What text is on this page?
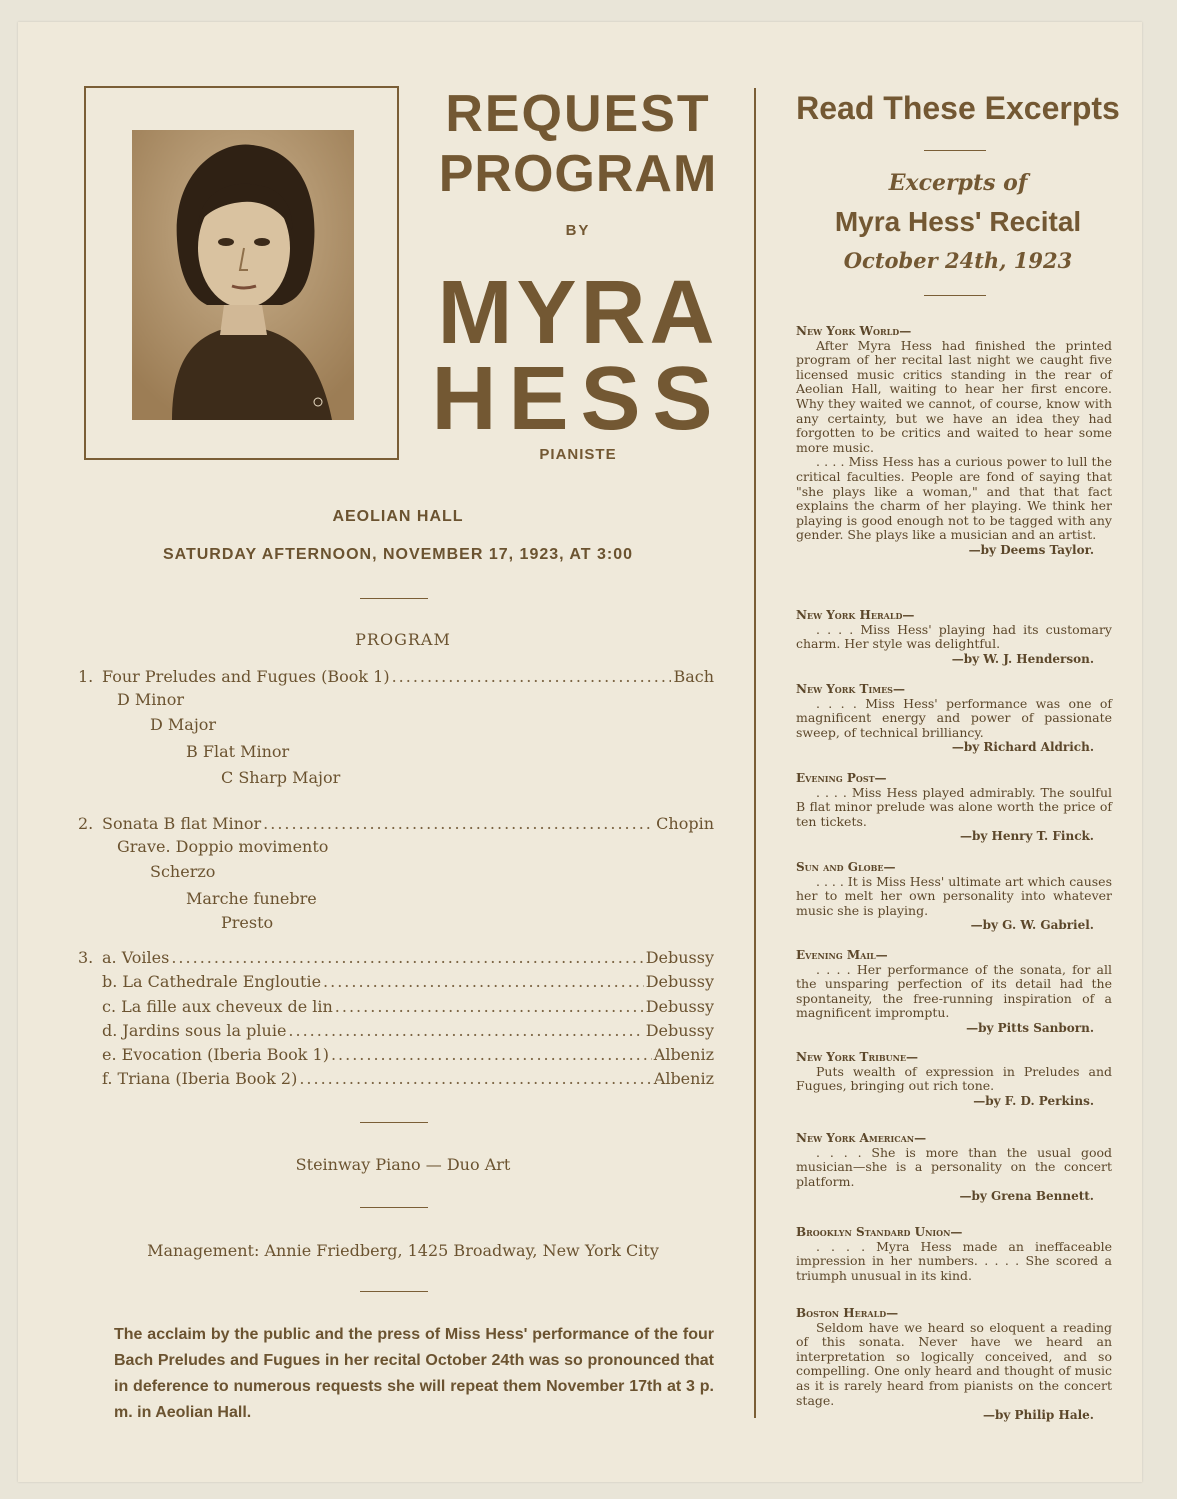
REQUEST
PROGRAM
BY
MYRA
HESS
PIANISTE
AEOLIAN HALL
SATURDAY AFTERNOON, NOVEMBER 17, 1923, AT 3:00
PROGRAM
1. Four Preludes and Fugues (Book 1) .....	Bach
D Minor
D Major
B Flat Minor
C Sharp Major
2. Sonata B flat Minor .....	Chopin
Grave. Doppio movimento
Scherzo
Marche funebre
Presto
3. a. Voiles .....	Debussy
b. La Cathedrale Engloutie .....	Debussy
c. La fille aux cheveux de lin .....	Debussy
d. Jardins sous la pluie .....	Debussy
e. Evocation (Iberia Book 1) .....	Albeniz
f. Triana (Iberia Book 2) .....	Albeniz
Steinway Piano — Duo Art
Management: Annie Friedberg, 1425 Broadway, New York City
The acclaim by the public and the press of Miss Hess' performance of the four Bach Preludes and Fugues in her recital October 24th was so pronounced that in deference to numerous requests she will repeat them November 17th at 3 p. m. in Aeolian Hall.
Read These Excerpts
Excerpts of
Myra Hess' Recital
October 24th, 1923
New York World—
After Myra Hess had finished the printed program of her recital last night we caught five licensed music critics standing in the rear of Aeolian Hall, waiting to hear her first encore. Why they waited we cannot, of course, know with any certainty, but we have an idea they had forgotten to be critics and waited to hear some more music.
. . . . Miss Hess has a curious power to lull the critical faculties. People are fond of saying that "she plays like a woman," and that that fact explains the charm of her playing. We think her playing is good enough not to be tagged with any gender. She plays like a musician and an artist.
—by Deems Taylor.
New York Herald—
. . . . Miss Hess' playing had its customary charm. Her style was delightful.
—by W. J. Henderson.
New York Times—
. . . . Miss Hess' performance was one of magnificent energy and power of passionate sweep, of technical brilliancy.
—by Richard Aldrich.
Evening Post—
. . . . Miss Hess played admirably. The soulful B flat minor prelude was alone worth the price of ten tickets.
—by Henry T. Finck.
Sun and Globe—
. . . . It is Miss Hess' ultimate art which causes her to melt her own personality into whatever music she is playing.
—by G. W. Gabriel.
Evening Mail—
. . . . Her performance of the sonata, for all the unsparing perfection of its detail had the spontaneity, the free-running inspiration of a magnificent impromptu.
—by Pitts Sanborn.
New York Tribune—
Puts wealth of expression in Preludes and Fugues, bringing out rich tone.
—by F. D. Perkins.
New York American—
. . . . She is more than the usual good musician—she is a personality on the concert platform.
—by Grena Bennett.
Brooklyn Standard Union—
. . . . Myra Hess made an ineffaceable impression in her numbers. . . . . She scored a triumph unusual in its kind.
Boston Herald—
Seldom have we heard so eloquent a reading of this sonata. Never have we heard an interpretation so logically conceived, and so compelling. One only heard and thought of music as it is rarely heard from pianists on the concert stage.
—by Philip Hale.
